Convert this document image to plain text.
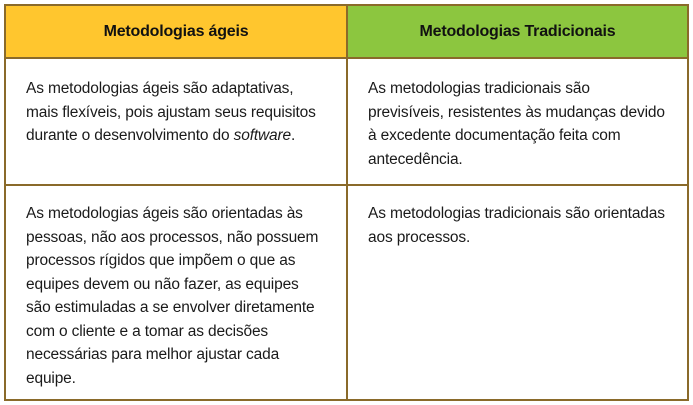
Metodologias ágeis	Metodologias Tradicionais
As metodologias ágeis são adaptativas, mais flexíveis, pois ajustam seus requisitos durante o desenvolvimento do software.	As metodologias tradicionais são previsíveis, resistentes às mudanças devido à excedente documentação feita com antecedência.
As metodologias ágeis são orientadas às pessoas, não aos processos, não possuem processos rígidos que impõem o que as equipes devem ou não fazer, as equipes são estimuladas a se envolver diretamente com o cliente e a tomar as decisões necessárias para melhor ajustar cada equipe.	As metodologias tradicionais são orientadas aos processos.
